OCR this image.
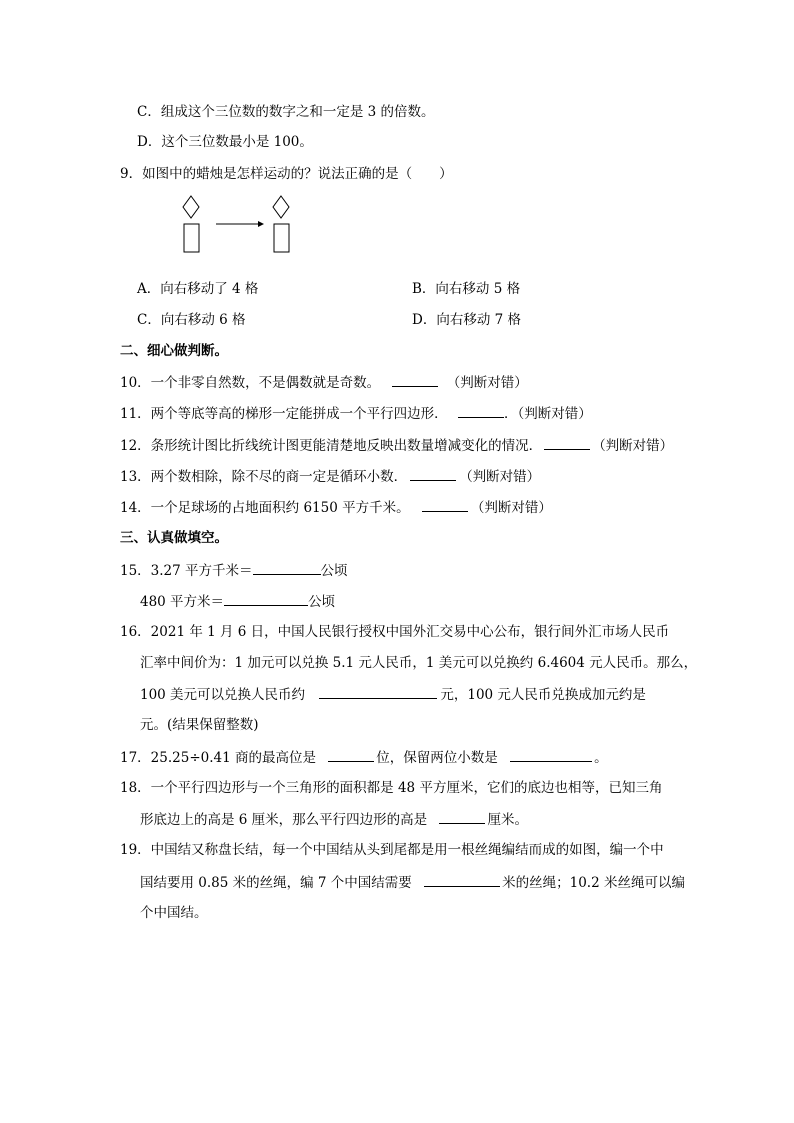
C．组成这个三位数的数字之和一定是 3 的倍数。
D．这个三位数最小是 100。
9．如图中的蜡烛是怎样运动的？说法正确的是（　　）
A．向右移动了 4 格	B．向右移动 5 格
C．向右移动 6 格	D．向右移动 7 格
二、细心做判断。
10．一个非零自然数，不是偶数就是奇数。	（判断对错）
11．两个等底等高的梯形一定能拼成一个平行四边形．	．（判断对错）
12．条形统计图比折线统计图更能清楚地反映出数量增减变化的情况．	（判断对错）
13．两个数相除，除不尽的商一定是循环小数．	（判断对错）
14．一个足球场的占地面积约 6150 平方千米。	（判断对错）
三、认真做填空。
15．3.27 平方千米＝	公顷
480 平方米＝	公顷
16．2021 年 1 月 6 日，中国人民银行授权中国外汇交易中心公布，银行间外汇市场人民币
汇率中间价为：1 加元可以兑换 5.1 元人民币，1 美元可以兑换约 6.4604 元人民币。那么，
100 美元可以兑换人民币约	元，100 元人民币兑换成加元约是
元。(结果保留整数)
17．25.25÷0.41 商的最高位是	位，保留两位小数是	。
18．一个平行四边形与一个三角形的面积都是 48 平方厘米，它们的底边也相等，已知三角
形底边上的高是 6 厘米，那么平行四边形的高是	厘米。
19．中国结又称盘长结，每一个中国结从头到尾都是用一根丝绳编结而成的如图，编一个中
国结要用 0.85 米的丝绳，编 7 个中国结需要	米的丝绳；10.2 米丝绳可以编
个中国结。
